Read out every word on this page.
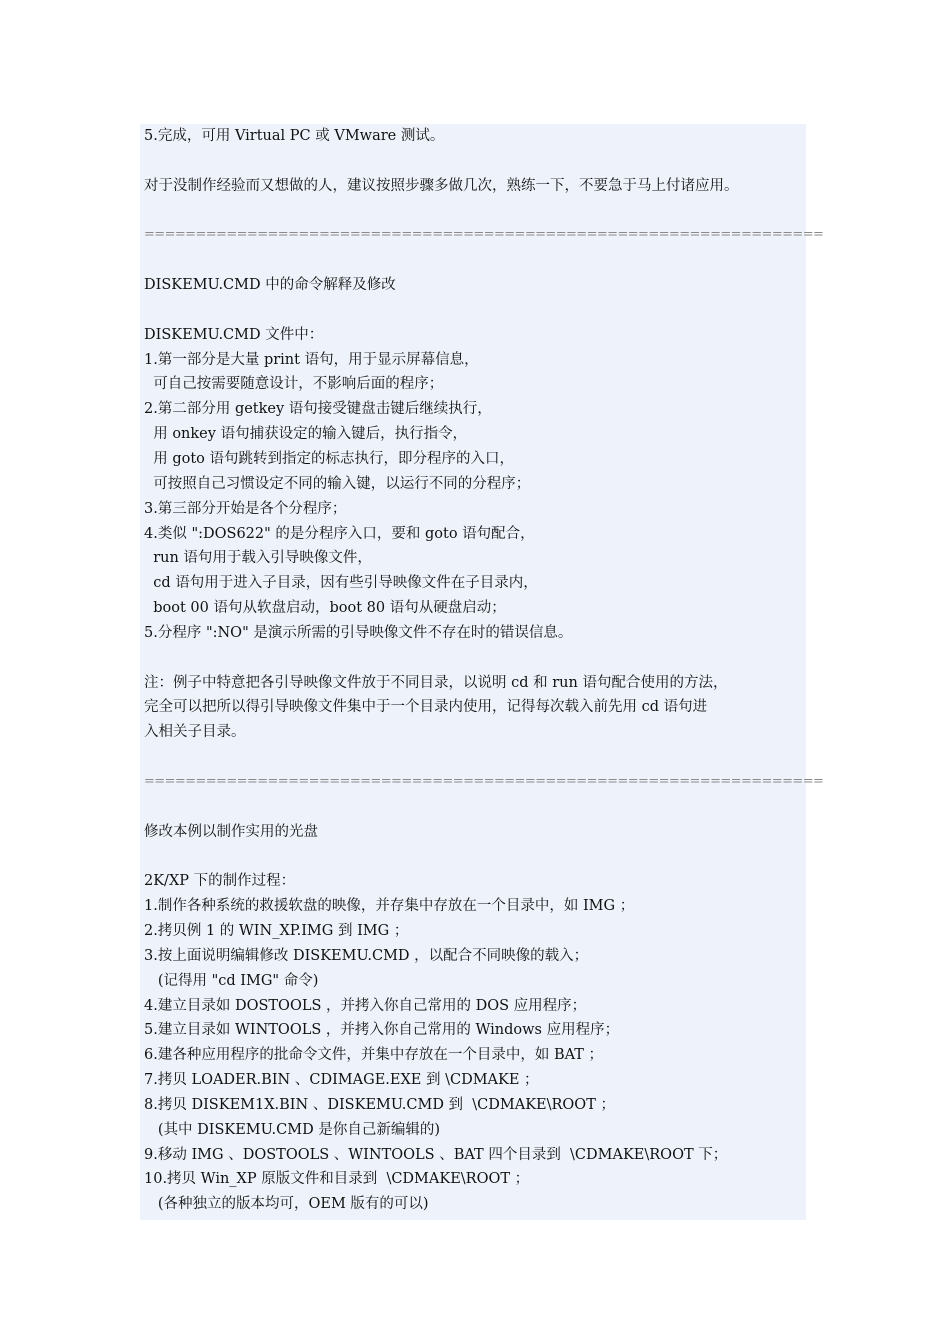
5.完成，可用 Virtual PC 或 VMware 测试。
对于没制作经验而又想做的人，建议按照步骤多做几次，熟练一下，不要急于马上付诸应用。
==================================================================
DISKEMU.CMD 中的命令解释及修改
DISKEMU.CMD 文件中：
1.第一部分是大量 print 语句，用于显示屏幕信息，
可自己按需要随意设计，不影响后面的程序；
2.第二部分用 getkey 语句接受键盘击键后继续执行，
用 onkey 语句捕获设定的输入键后，执行指令，
用 goto 语句跳转到指定的标志执行，即分程序的入口，
可按照自己习惯设定不同的输入键，以运行不同的分程序；
3.第三部分开始是各个分程序；
4.类似 ":DOS622" 的是分程序入口，要和 goto 语句配合，
run 语句用于载入引导映像文件，
cd 语句用于进入子目录，因有些引导映像文件在子目录内，
boot 00 语句从软盘启动，boot 80 语句从硬盘启动；
5.分程序 ":NO" 是演示所需的引导映像文件不存在时的错误信息。
注：例子中特意把各引导映像文件放于不同目录，以说明 cd 和 run 语句配合使用的方法，
完全可以把所以得引导映像文件集中于一个目录内使用，记得每次载入前先用 cd 语句进
入相关子目录。
==================================================================
修改本例以制作实用的光盘
2K/XP 下的制作过程：
1.制作各种系统的救援软盘的映像，并存集中存放在一个目录中，如 IMG ；
2.拷贝例 1 的 WIN_XP.IMG 到 IMG ；
3.按上面说明编辑修改 DISKEMU.CMD ，以配合不同映像的载入；
(记得用 "cd IMG" 命令)
4.建立目录如 DOSTOOLS ，并拷入你自己常用的 DOS 应用程序；
5.建立目录如 WINTOOLS ，并拷入你自己常用的 Windows 应用程序；
6.建各种应用程序的批命令文件，并集中存放在一个目录中，如 BAT ；
7.拷贝 LOADER.BIN 、CDIMAGE.EXE 到 \CDMAKE ；
8.拷贝 DISKEM1X.BIN 、DISKEMU.CMD 到  \CDMAKE\ROOT ；
(其中 DISKEMU.CMD 是你自己新编辑的)
9.移动 IMG 、DOSTOOLS 、WINTOOLS 、BAT 四个目录到  \CDMAKE\ROOT 下；
10.拷贝 Win_XP 原版文件和目录到  \CDMAKE\ROOT ；
(各种独立的版本均可，OEM 版有的可以)
